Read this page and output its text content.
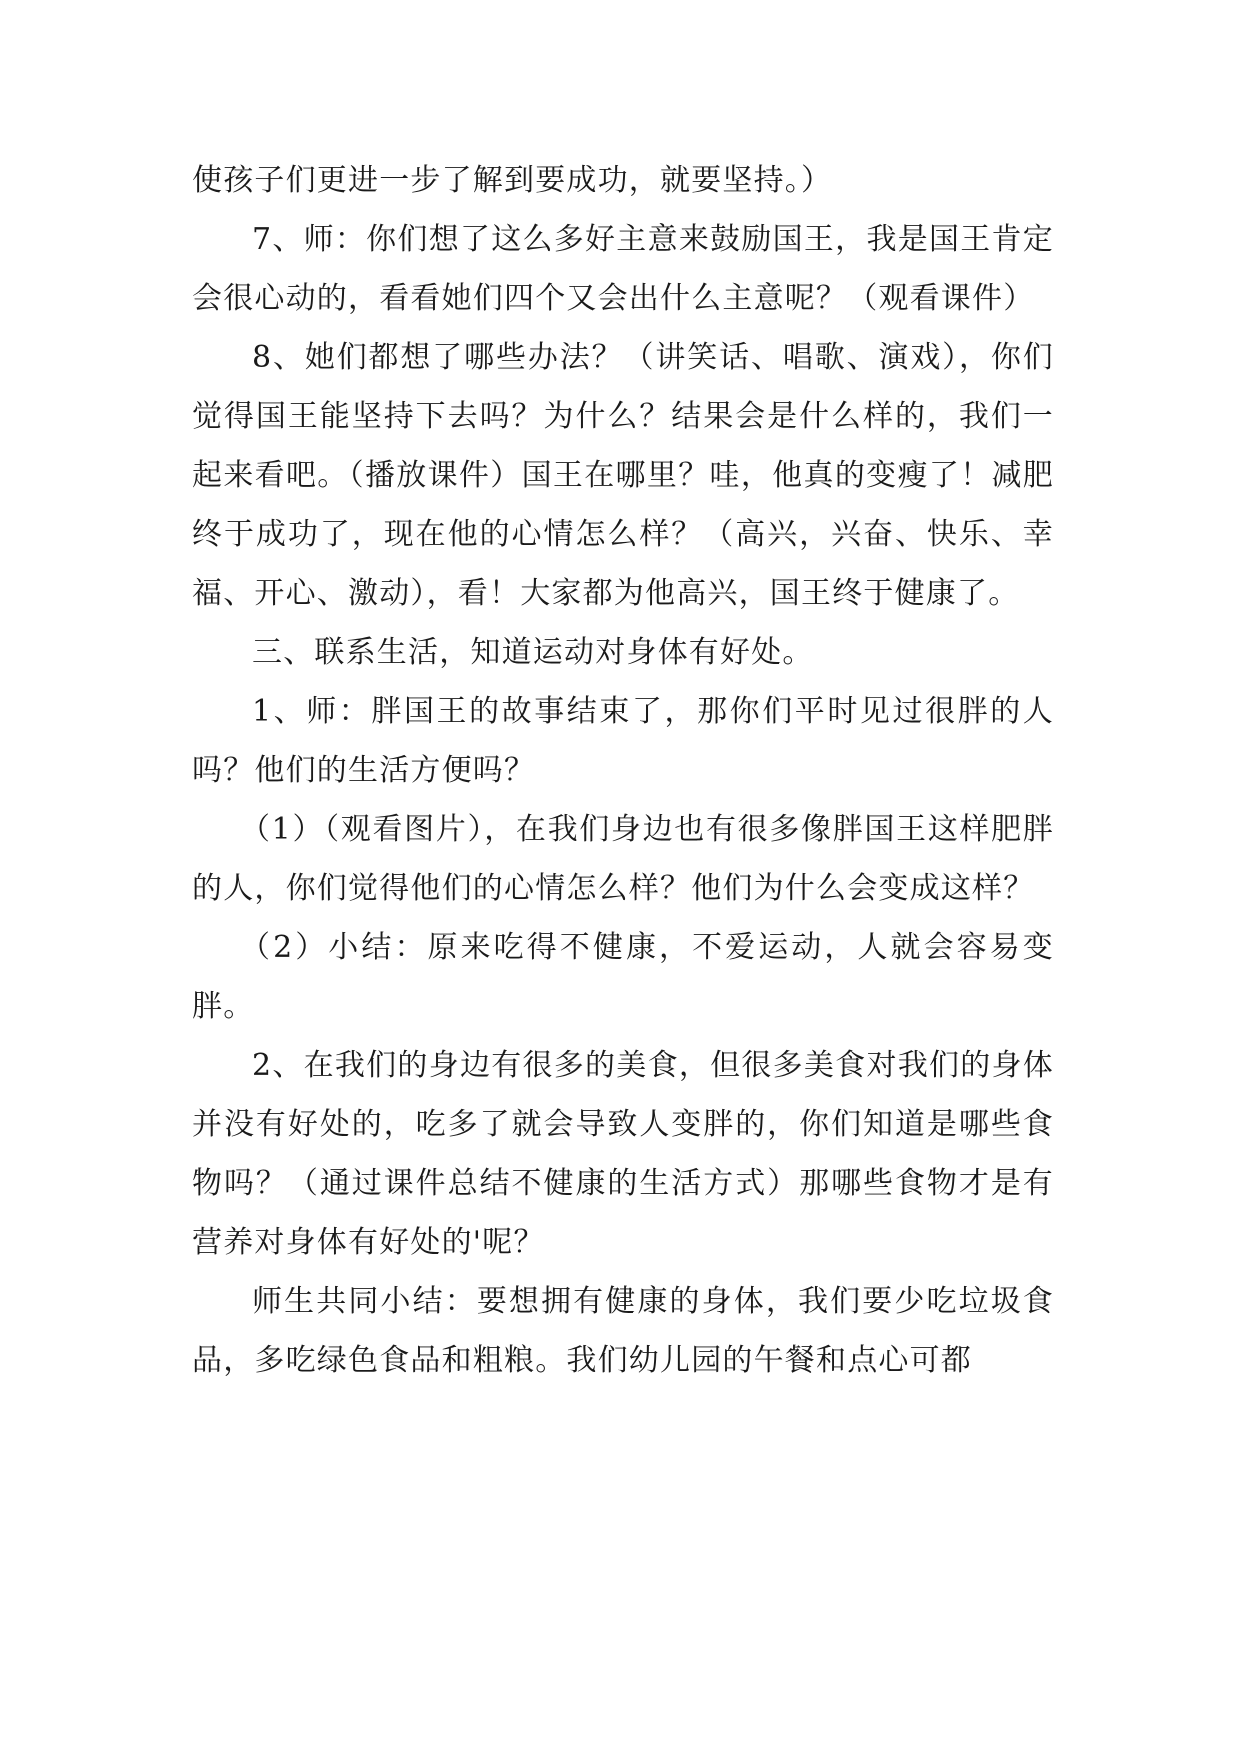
使孩子们更进一步了解到要成功，就要坚持。）

7、师：你们想了这么多好主意来鼓励国王，我是国王肯定会很心动的，看看她们四个又会出什么主意呢？（观看课件）

8、她们都想了哪些办法？（讲笑话、唱歌、演戏），你们觉得国王能坚持下去吗？为什么？结果会是什么样的，我们一起来看吧。（播放课件）国王在哪里？哇，他真的变瘦了！减肥终于成功了，现在他的心情怎么样？（高兴，兴奋、快乐、幸福、开心、激动），看！大家都为他高兴，国王终于健康了。

三、联系生活，知道运动对身体有好处。

1、师：胖国王的故事结束了，那你们平时见过很胖的人吗？他们的生活方便吗？

（1）（观看图片），在我们身边也有很多像胖国王这样肥胖的人，你们觉得他们的心情怎么样？他们为什么会变成这样？

（2）小结：原来吃得不健康，不爱运动，人就会容易变胖。

2、在我们的身边有很多的美食，但很多美食对我们的身体并没有好处的，吃多了就会导致人变胖的，你们知道是哪些食物吗？（通过课件总结不健康的生活方式）那哪些食物才是有营养对身体有好处的'呢？

师生共同小结：要想拥有健康的身体，我们要少吃垃圾食品，多吃绿色食品和粗粮。我们幼儿园的午餐和点心可都
